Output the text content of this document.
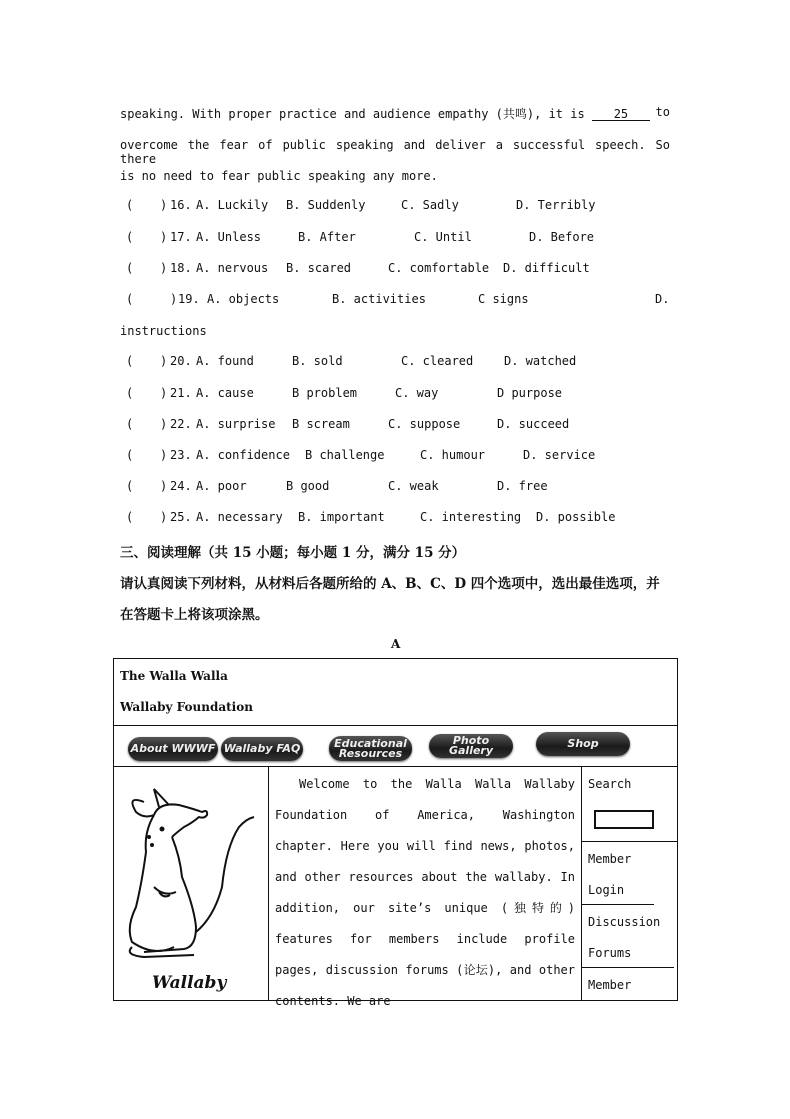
speaking. With proper practice and audience empathy (共鸣), it is 25 to
overcome the fear of public speaking and deliver a successful speech. So there
is no need to fear public speaking any more.
( ) 16. A. Luckily B. Suddenly	C. Sadly	D. Terribly
( ) 17. A. Unless	B. After	C. Until	D. Before
( ) 18. A. nervous B. scared	C. comfortable D. difficult
(	) 19. A. objects	B. activities	C signs	D.
( ) 20. A. found	B. sold	C. cleared	D. watched
( ) 21. A. cause	B problem	C. way	D purpose
( ) 22. A. surprise B scream	C. suppose	D. succeed
( ) 23. A. confidence B challenge	C. humour	D. service
( ) 24. A. poor	B good	C. weak	D. free
( ) 25. A. necessary B. important	C. interesting D. possible
instructions
三、阅读理解（共 15 小题；每小题 1 分，满分 15 分）
请认真阅读下列材料，从材料后各题所给的 A、B、C、D 四个选项中，选出最佳选项，并
在答题卡上将该项涂黑。
A
The Walla Walla
Wallaby Foundation

About WWWF Wallaby FAQ	Educational Resources
Photo Gallery
Shop

Wallaby

Welcome to the Walla Walla Wallaby Foundation of America, Washington chapter. Here you will find news, photos, and other resources about the wallaby. In addition, our site’s unique (独特的) features for members include profile pages, discussion forums (论坛), and other contents. We are

Search
Member Login
Discussion Forums
Member
